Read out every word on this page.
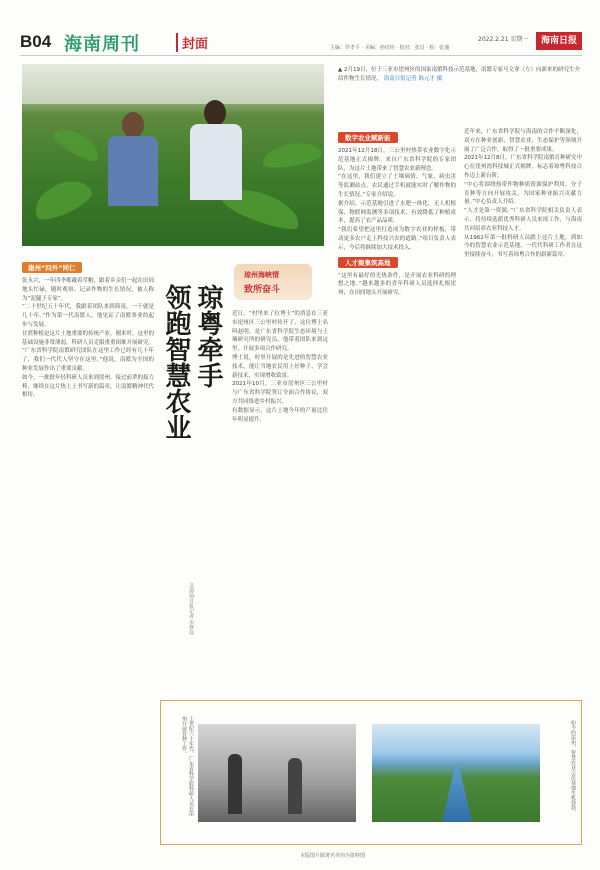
B04 海南周刊	封面	主编：罗孝平 · 美编：孙结铨 · 校对：张昌 · 检：张盛
2022.2.21 星期一	海南日报
▲ 2月19日，位于三亚市崖州区的国家南繁科技示范基地，南繁专家马文业（左）向新来的研究生介绍作物生长情况。 海南日报记者 陈元才 摄
崖州“四外”同仁

张永兴，一年四季都戴着草帽，跟着乡亲们一起在田间地头忙碌，随时观察、记录作物的生长情况，被人称为“泥腿子专家”。

“二十世纪五十年代，我跟着团队来到海南，一干就是几十年。”作为第一代南繁人，他见证了南繁事业的起步与发展。

甘蔗种植是这片土地重要的传统产业。刚来时，这里的基础设施非常薄弱，科研人员克服重重困难开展研究。

“广东省科学院南繁研究团队在这里工作已经有几十年了，我们一代代人坚守在这里。”他说，南繁为全国的种业发展作出了重要贡献。

如今，一批批年轻科研人员来到崖州，接过前辈的接力棒，继续在这片热土上书写新的篇章，让南繁精神代代相传。

琼粤牵手
领跑智慧农业
文/海南日报记者 李梦瑶
琼州海峡情
致所奋斗

近日，“村里来了位博士”的消息在三亚市崖州区三公里村传开了。这位博士名叫赵明，是广东省科学院生态环境与土壤研究所的研究员，他带着团队来到这里，开展多项合作研究。

博士说，村里开展的是先进的智慧农业技术，能让当地农民用上好种子、学会新技术，实现增收致富。

2021年10月，三亚市崖州区三公里村与广东省科学院签订全面合作协议，双方共同推进乡村振兴。

有数据显示，这片土地今年的产量比往年明显提升。

数字农业赋新能

2021年12月18日，三公里村热带农业数字化示范基地正式揭牌。来自广东省科学院的专家团队，为这片土地带来了智慧农业新理念。

“在这里，我们建立了土壤墒情、气象、病虫害等监测站点，农民通过手机就能实时了解作物的生长情况。”专家介绍说。

据介绍，示范基地引进了水肥一体化、无人机植保、物联网监测等多项技术，有效降低了种植成本，提高了农产品品质。

“我们希望把这里打造成为数字农业的样板，带动更多农户走上科技兴农的道路。”项目负责人表示，今后将继续加大技术投入。

人才聚集筑高地

“这里有最好的光热条件，是开展农业科研的理想之地。”越来越多的青年科研人员选择扎根崖州，在田间地头开展研究。

近年来，广东省科学院与海南的合作不断深化，双方在种业创新、智慧农业、生态保护等领域开展了广泛合作，取得了一批重要成果。

2021年12月8日，广东省科学院南繁育种研究中心在崖州湾科技城正式揭牌，标志着琼粤科技合作迈上新台阶。

“中心将围绕热带作物种质资源保护利用、分子育种等方向开展攻关，为国家种业振兴贡献力量。”中心负责人介绍。

“人才是第一资源。”广东省科学院相关负责人表示，将持续选派优秀科研人员来琼工作，与海南共同培养农业科技人才。

从1962年第一批科研人员踏上这片土地，到如今的智慧农业示范基地，一代代科研工作者在这里接续奋斗，书写着琼粤合作的崭新篇章。

上世纪六十年代，广东省科学院科研人员在崖州开展育种工作。	如今的崖州，智慧农业示范基地生机勃勃。
本版图片除署名外均为资料图
